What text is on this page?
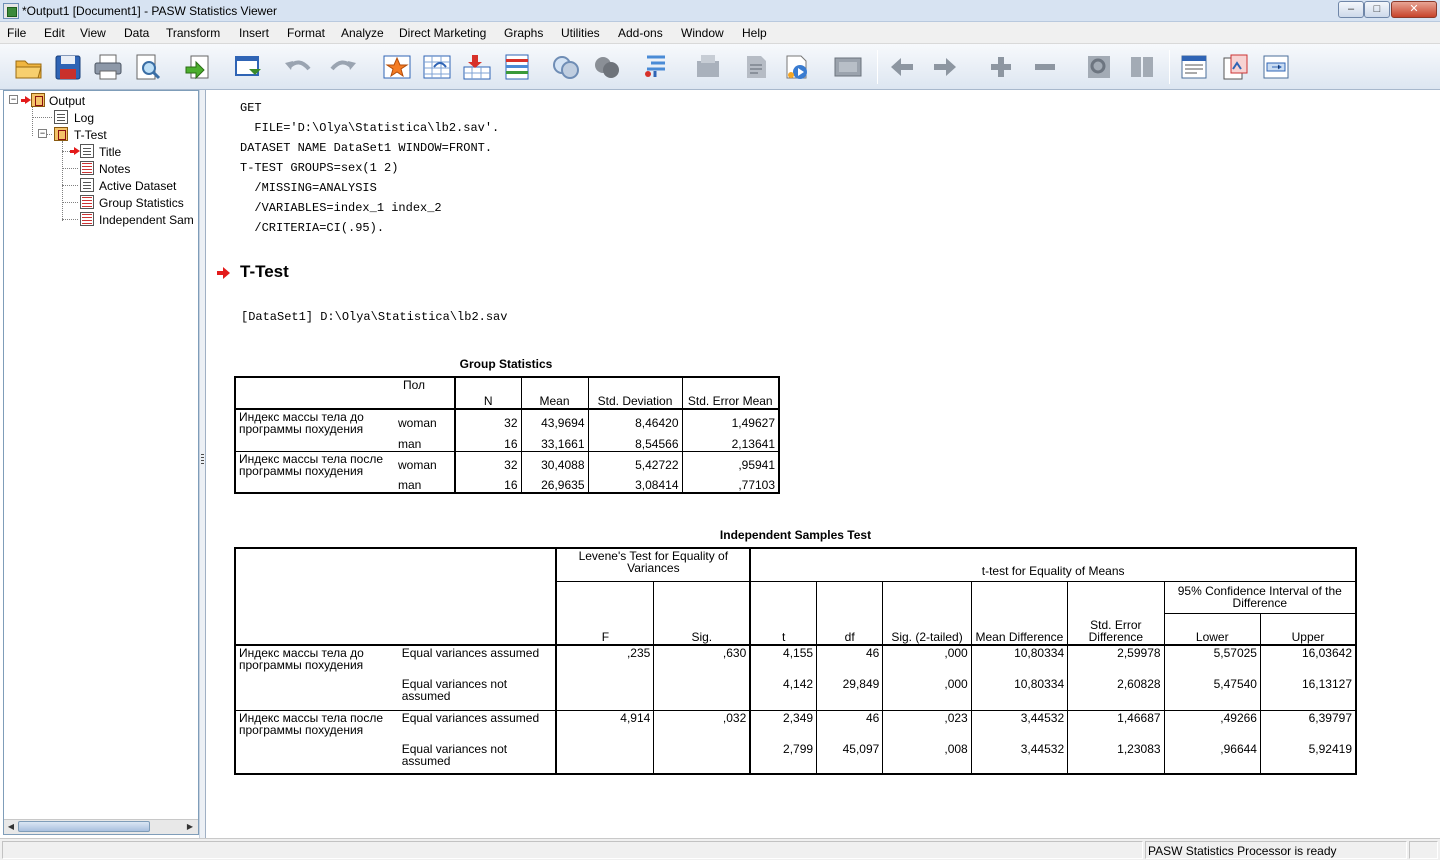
*Output1 [Document1] - PASW Statistics Viewer	–	□	✕
File Edit View Data Transform Insert Format Analyze Direct Marketing Graphs Utilities Add-ons Window Help
−	Output
Log
− T-Test
Title
Notes
Active Dataset
Group Statistics
Independent Sam
◀	▶
GET
FILE='D:\Olya\Statistica\lb2.sav'.
DATASET NAME DataSet1 WINDOW=FRONT.
T-TEST GROUPS=sex(1 2)
/MISSING=ANALYSIS
/VARIABLES=index_1 index_2
/CRITERIA=CI(.95).
T-Test
[DataSet1] D:\Olya\Statistica\lb2.sav
Group Statistics
Пол		N	Mean	Std. Deviation	Std. Error Mean

Индекс массы тела до программы похудения	woman	32	43,9694	8,46420	1,49627
	man	16	33,1661	8,54566	2,13641
Индекс массы тела после программы похудения	woman	32	30,4088	5,42722	,95941
	man	16	26,9635	3,08414	,77103
Independent Samples Test
		Levene's Test for Equality of Variances		t-test for Equality of Means						
		F	Sig.	t	df	Sig. (2-tailed)	Mean Difference	Std. Error Difference	95% Confidence Interval of the Difference	
									Lower	Upper
Индекс массы тела до программы похудения	Equal variances assumed	,235	,630	4,155	46	,000	10,80334	2,59978	5,57025	16,03642
	Equal variances not assumed			4,142	29,849	,000	10,80334	2,60828	5,47540	16,13127
Индекс массы тела после программы похудения	Equal variances assumed	4,914	,032	2,349	46	,023	3,44532	1,46687	,49266	6,39797
	Equal variances not assumed			2,799	45,097	,008	3,44532	1,23083	,96644	5,92419
PASW Statistics Processor is ready
